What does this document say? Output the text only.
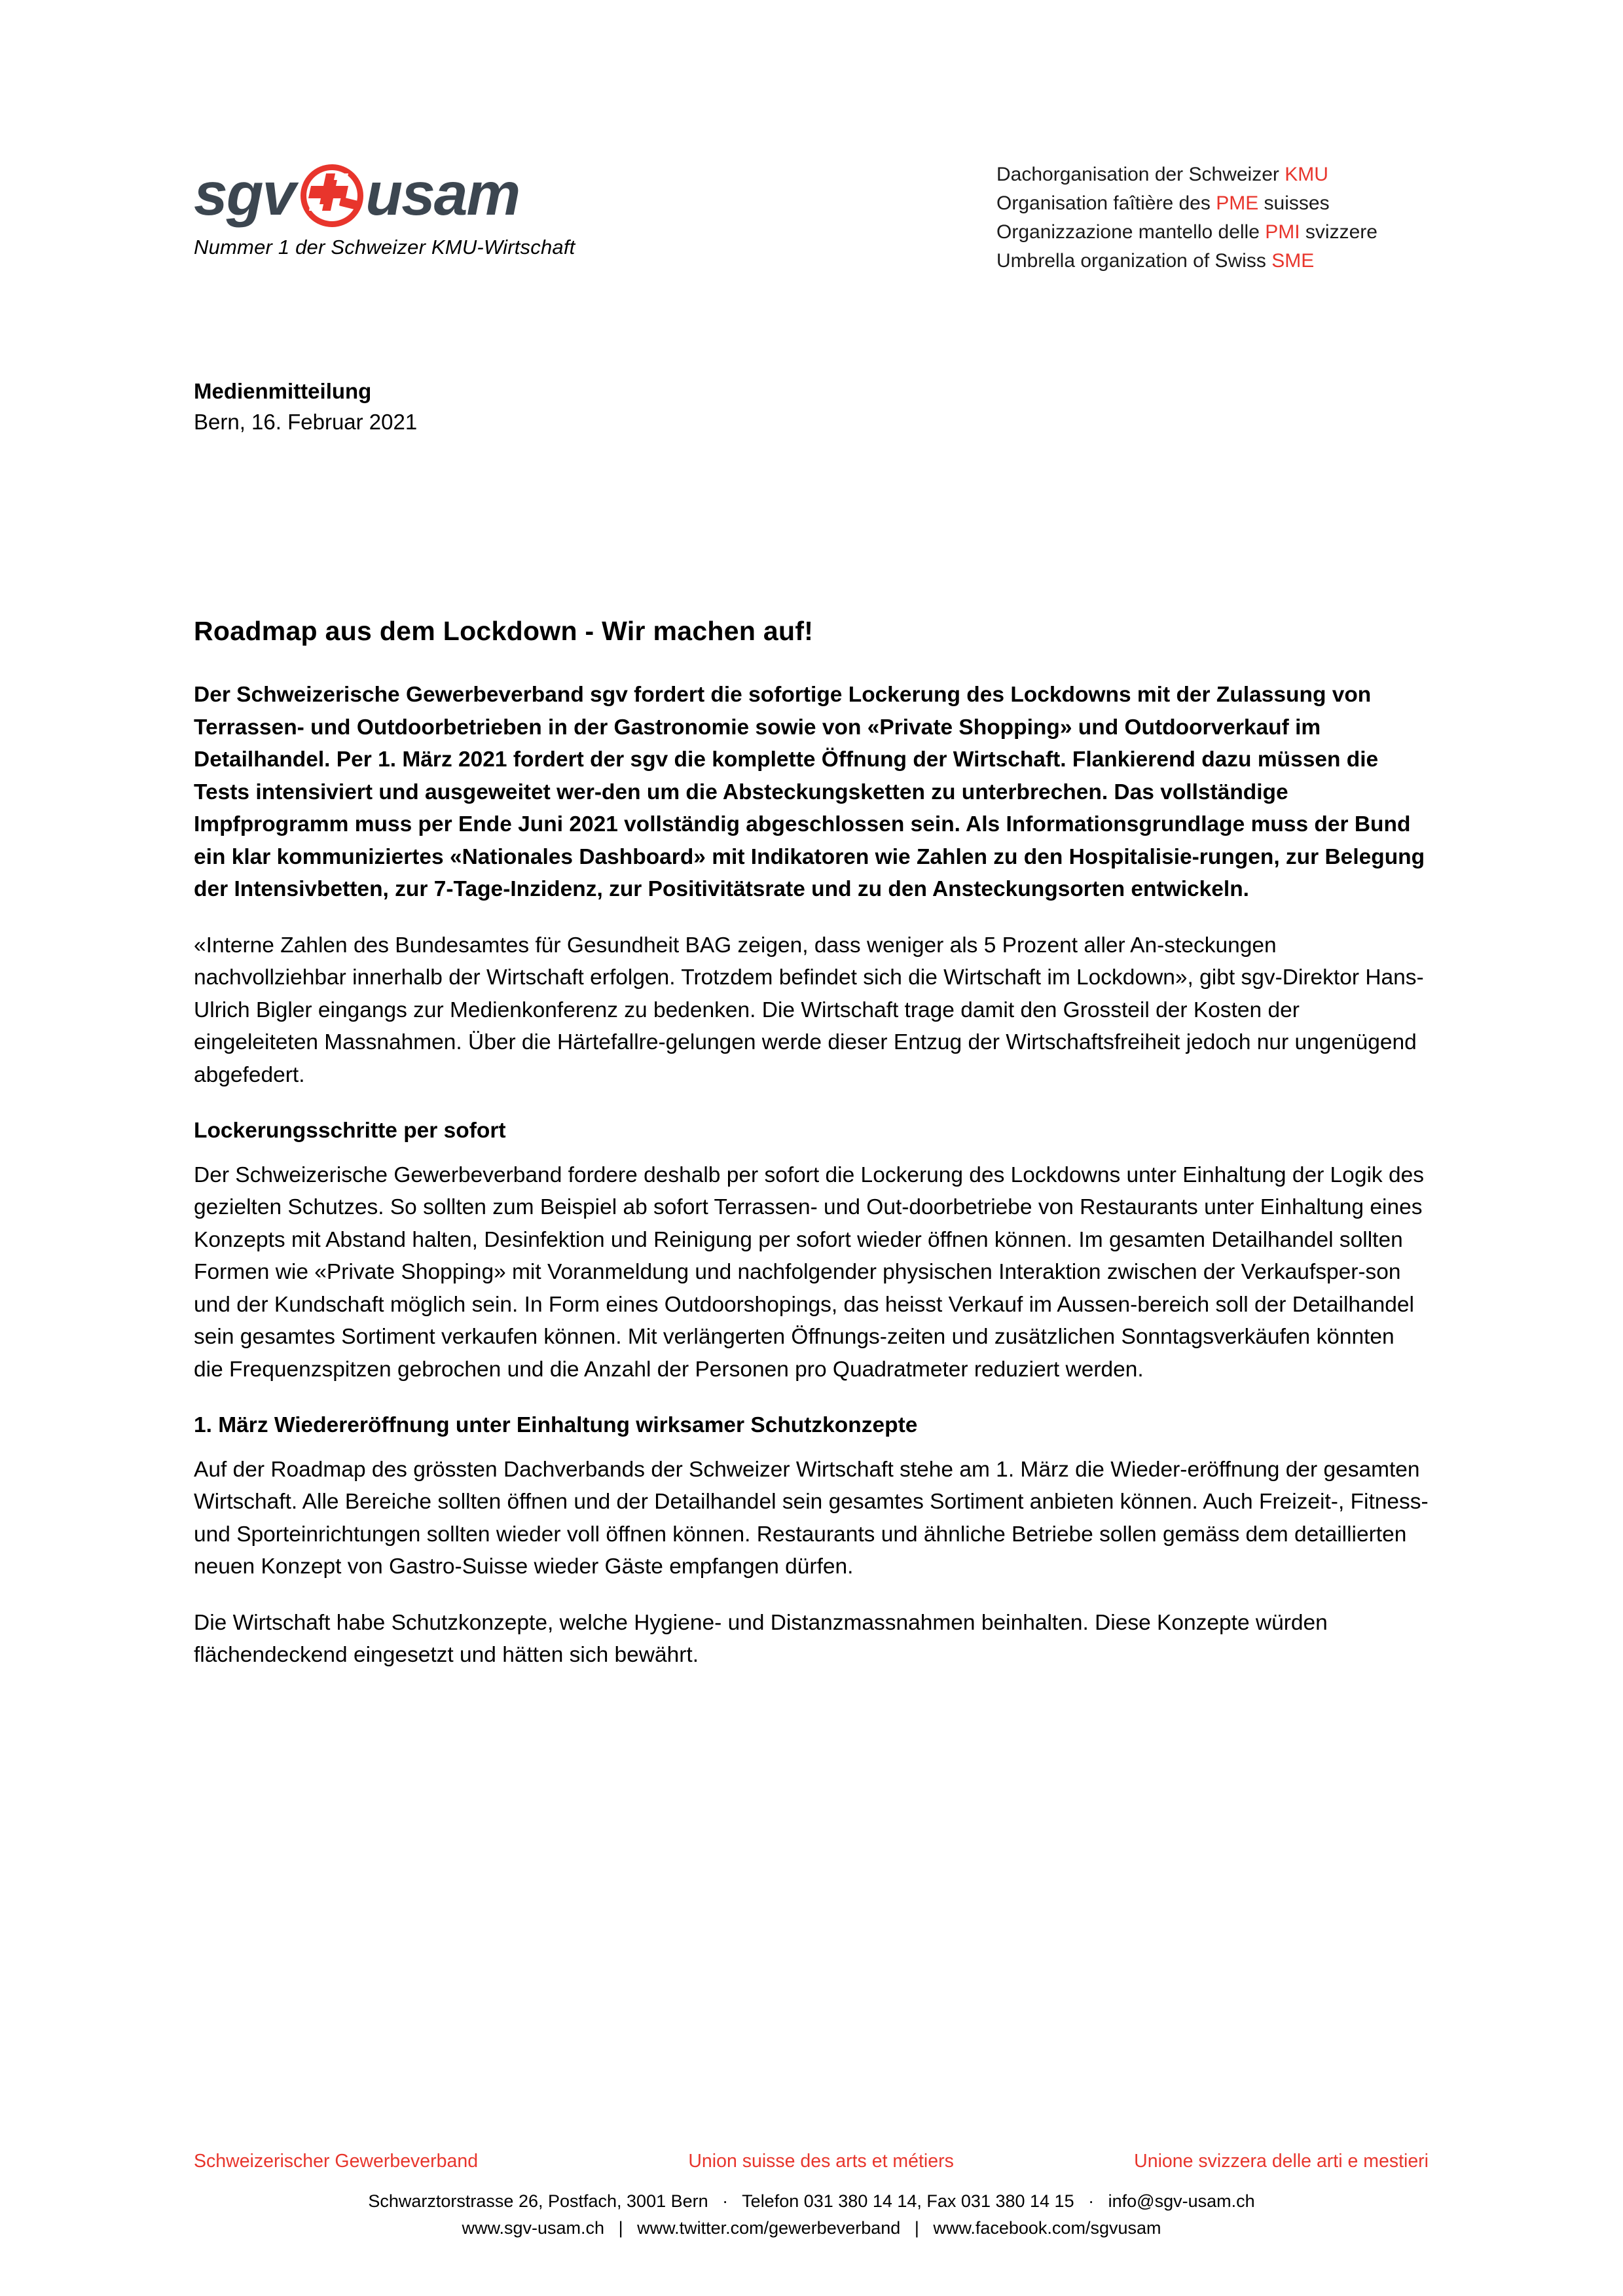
sgv usam
Nummer 1 der Schweizer KMU-Wirtschaft
Dachorganisation der Schweizer KMU
Organisation faîtière des PME suisses
Organizzazione mantello delle PMI svizzere
Umbrella organization of Swiss SME
Medienmitteilung
Bern, 16. Februar 2021
Roadmap aus dem Lockdown - Wir machen auf!

Der Schweizerische Gewerbeverband sgv fordert die sofortige Lockerung des Lockdowns mit der Zulassung von Terrassen- und Outdoorbetrieben in der Gastronomie sowie von «Private Shopping» und Outdoorverkauf im Detailhandel. Per 1. März 2021 fordert der sgv die komplette Öffnung der Wirtschaft. Flankierend dazu müssen die Tests intensiviert und ausgeweitet wer-den um die Absteckungsketten zu unterbrechen. Das vollständige Impfprogramm muss per Ende Juni 2021 vollständig abgeschlossen sein. Als Informationsgrundlage muss der Bund ein klar kommuniziertes «Nationales Dashboard» mit Indikatoren wie Zahlen zu den Hospitalisie-rungen, zur Belegung der Intensivbetten, zur 7-Tage-Inzidenz, zur Positivitätsrate und zu den Ansteckungsorten entwickeln.

«Interne Zahlen des Bundesamtes für Gesundheit BAG zeigen, dass weniger als 5 Prozent aller An-steckungen nachvollziehbar innerhalb der Wirtschaft erfolgen. Trotzdem befindet sich die Wirtschaft im Lockdown», gibt sgv-Direktor Hans-Ulrich Bigler eingangs zur Medienkonferenz zu bedenken. Die Wirtschaft trage damit den Grossteil der Kosten der eingeleiteten Massnahmen. Über die Härtefallre-gelungen werde dieser Entzug der Wirtschaftsfreiheit jedoch nur ungenügend abgefedert.

Lockerungsschritte per sofort

Der Schweizerische Gewerbeverband fordere deshalb per sofort die Lockerung des Lockdowns unter Einhaltung der Logik des gezielten Schutzes. So sollten zum Beispiel ab sofort Terrassen- und Out-doorbetriebe von Restaurants unter Einhaltung eines Konzepts mit Abstand halten, Desinfektion und Reinigung per sofort wieder öffnen können. Im gesamten Detailhandel sollten Formen wie «Private Shopping» mit Voranmeldung und nachfolgender physischen Interaktion zwischen der Verkaufsper-son und der Kundschaft möglich sein. In Form eines Outdoorshopings, das heisst Verkauf im Aussen-bereich soll der Detailhandel sein gesamtes Sortiment verkaufen können. Mit verlängerten Öffnungs-zeiten und zusätzlichen Sonntagsverkäufen könnten die Frequenzspitzen gebrochen und die Anzahl der Personen pro Quadratmeter reduziert werden.

1. März Wiedereröffnung unter Einhaltung wirksamer Schutzkonzepte

Auf der Roadmap des grössten Dachverbands der Schweizer Wirtschaft stehe am 1. März die Wieder-eröffnung der gesamten Wirtschaft. Alle Bereiche sollten öffnen und der Detailhandel sein gesamtes Sortiment anbieten können. Auch Freizeit-, Fitness- und Sporteinrichtungen sollten wieder voll öffnen können. Restaurants und ähnliche Betriebe sollen gemäss dem detaillierten neuen Konzept von Gastro-Suisse wieder Gäste empfangen dürfen.

Die Wirtschaft habe Schutzkonzepte, welche Hygiene- und Distanzmassnahmen beinhalten. Diese Konzepte würden flächendeckend eingesetzt und hätten sich bewährt.

Schweizerischer Gewerbeverband	Union suisse des arts et métiers	Unione svizzera delle arti e mestieri
Schwarztorstrasse 26, Postfach, 3001 Bern · Telefon 031 380 14 14, Fax 031 380 14 15 · info@sgv-usam.ch
www.sgv-usam.ch | www.twitter.com/gewerbeverband | www.facebook.com/sgvusam
